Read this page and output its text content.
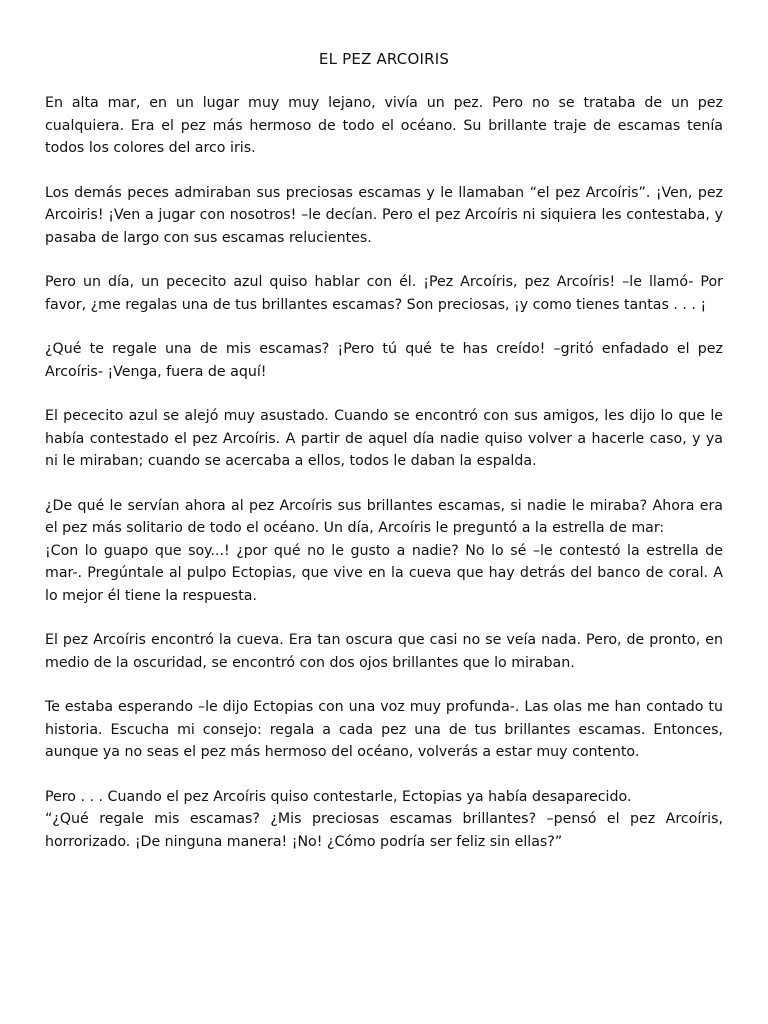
EL PEZ ARCOIRIS

En alta mar, en un lugar muy muy lejano, vivía un pez. Pero no se trataba de un pez cualquiera. Era el pez más hermoso de todo el océano. Su brillante traje de escamas tenía todos los colores del arco iris.

Los demás peces admiraban sus preciosas escamas y le llamaban “el pez Arcoíris”. ¡Ven, pez Arcoiris! ¡Ven a jugar con nosotros! –le decían. Pero el pez Arcoíris ni siquiera les contestaba, y pasaba de largo con sus escamas relucientes.

Pero un día, un pececito azul quiso hablar con él. ¡Pez Arcoíris, pez Arcoíris! –le llamó- Por favor, ¿me regalas una de tus brillantes escamas? Son preciosas, ¡y como tienes tantas . . . ¡

¿Qué te regale una de mis escamas? ¡Pero tú qué te has creído! –gritó enfadado el pez Arcoíris- ¡Venga, fuera de aquí!

El pececito azul se alejó muy asustado. Cuando se encontró con sus amigos, les dijo lo que le había contestado el pez Arcoíris. A partir de aquel día nadie quiso volver a hacerle caso, y ya ni le miraban; cuando se acercaba a ellos, todos le daban la espalda.

¿De qué le servían ahora al pez Arcoíris sus brillantes escamas, si nadie le miraba? Ahora era el pez más solitario de todo el océano. Un día, Arcoíris le preguntó a la estrella de mar:
¡Con lo guapo que soy...! ¿por qué no le gusto a nadie? No lo sé –le contestó la estrella de mar-. Pregúntale al pulpo Ectopias, que vive en la cueva que hay detrás del banco de coral. A lo mejor él tiene la respuesta.

El pez Arcoíris encontró la cueva. Era tan oscura que casi no se veía nada. Pero, de pronto, en medio de la oscuridad, se encontró con dos ojos brillantes que lo miraban.

Te estaba esperando –le dijo Ectopias con una voz muy profunda-. Las olas me han contado tu historia. Escucha mi consejo: regala a cada pez una de tus brillantes escamas. Entonces, aunque ya no seas el pez más hermoso del océano, volverás a estar muy contento.

Pero . . . Cuando el pez Arcoíris quiso contestarle, Ectopias ya había desaparecido.
“¿Qué regale mis escamas? ¿Mis preciosas escamas brillantes? –pensó el pez Arcoíris, horrorizado. ¡De ninguna manera! ¡No! ¿Cómo podría ser feliz sin ellas?”
